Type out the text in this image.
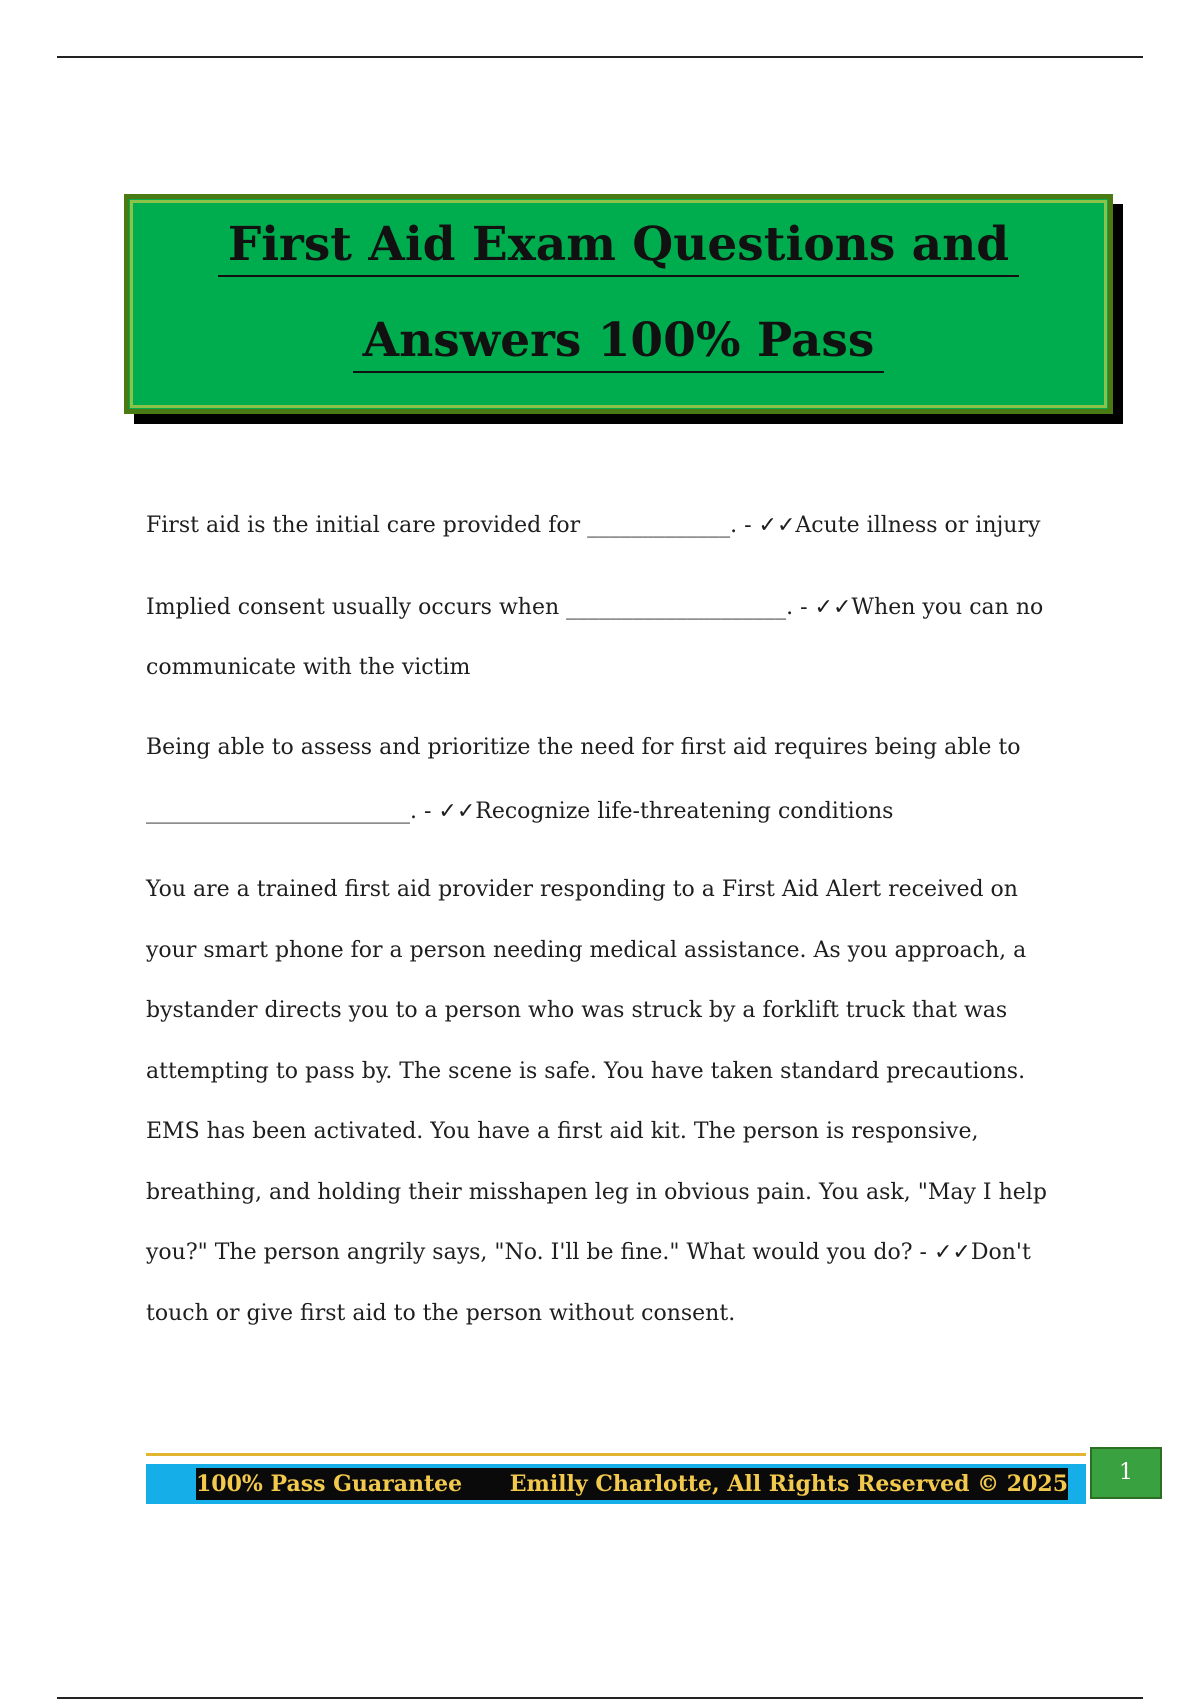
First Aid Exam Questions and
Answers 100% Pass

First aid is the initial care provided for _____________. - ✓✓Acute illness or injury

Implied consent usually occurs when ____________________. - ✓✓When you can no communicate with the victim

Being able to assess and prioritize the need for first aid requires being able to ________________________. - ✓✓Recognize life-threatening conditions

You are a trained first aid provider responding to a First Aid Alert received on your smart phone for a person needing medical assistance. As you approach, a bystander directs you to a person who was struck by a forklift truck that was attempting to pass by. The scene is safe. You have taken standard precautions. EMS has been activated. You have a first aid kit. The person is responsive, breathing, and holding their misshapen leg in obvious pain. You ask, "May I help you?" The person angrily says, "No. I'll be fine." What would you do? - ✓✓Don't touch or give first aid to the person without consent.

100% Pass Guarantee Emilly Charlotte, All Rights Reserved © 2025	1
